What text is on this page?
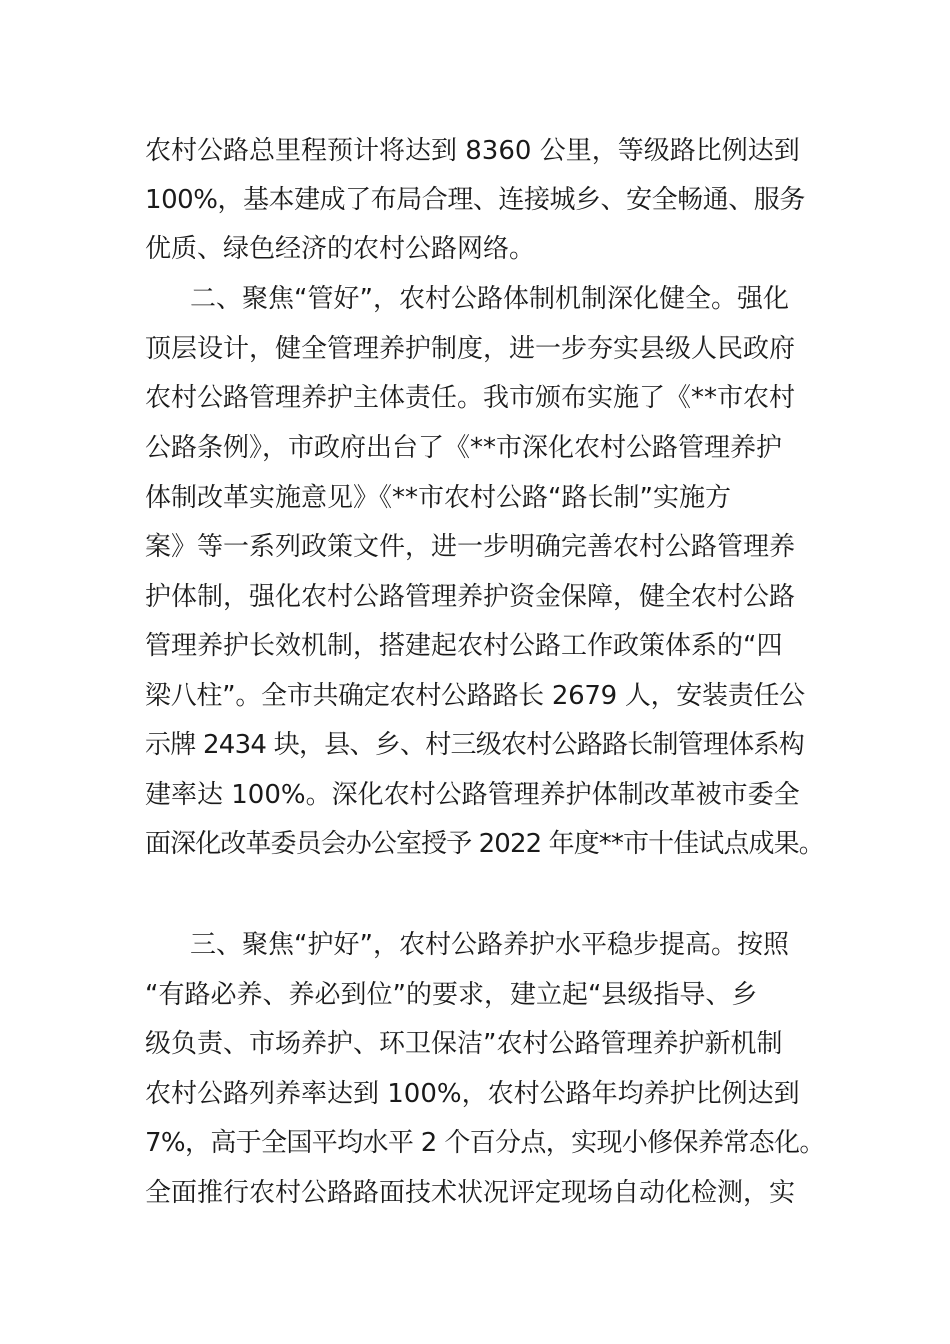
农村公路总里程预计将达到 8360 公里，等级路比例达到
100%，基本建成了布局合理、连接城乡、安全畅通、服务
优质、绿色经济的农村公路网络。
二、聚焦“管好”，农村公路体制机制深化健全。强化
顶层设计，健全管理养护制度，进一步夯实县级人民政府
农村公路管理养护主体责任。我市颁布实施了《**市农村
公路条例》，市政府出台了《**市深化农村公路管理养护
体制改革实施意见》《**市农村公路“路长制”实施方
案》等一系列政策文件，进一步明确完善农村公路管理养
护体制，强化农村公路管理养护资金保障，健全农村公路
管理养护长效机制，搭建起农村公路工作政策体系的“四
梁八柱”。全市共确定农村公路路长 2679 人，安装责任公
示牌 2434 块，县、乡、村三级农村公路路长制管理体系构
建率达 100%。深化农村公路管理养护体制改革被市委全
面深化改革委员会办公室授予 2022 年度**市十佳试点成果。
三、聚焦“护好”，农村公路养护水平稳步提高。按照
“有路必养、养必到位”的要求，建立起“县级指导、乡
级负责、市场养护、环卫保洁”农村公路管理养护新机制
农村公路列养率达到 100%，农村公路年均养护比例达到
7%，高于全国平均水平 2 个百分点，实现小修保养常态化。
全面推行农村公路路面技术状况评定现场自动化检测，实
